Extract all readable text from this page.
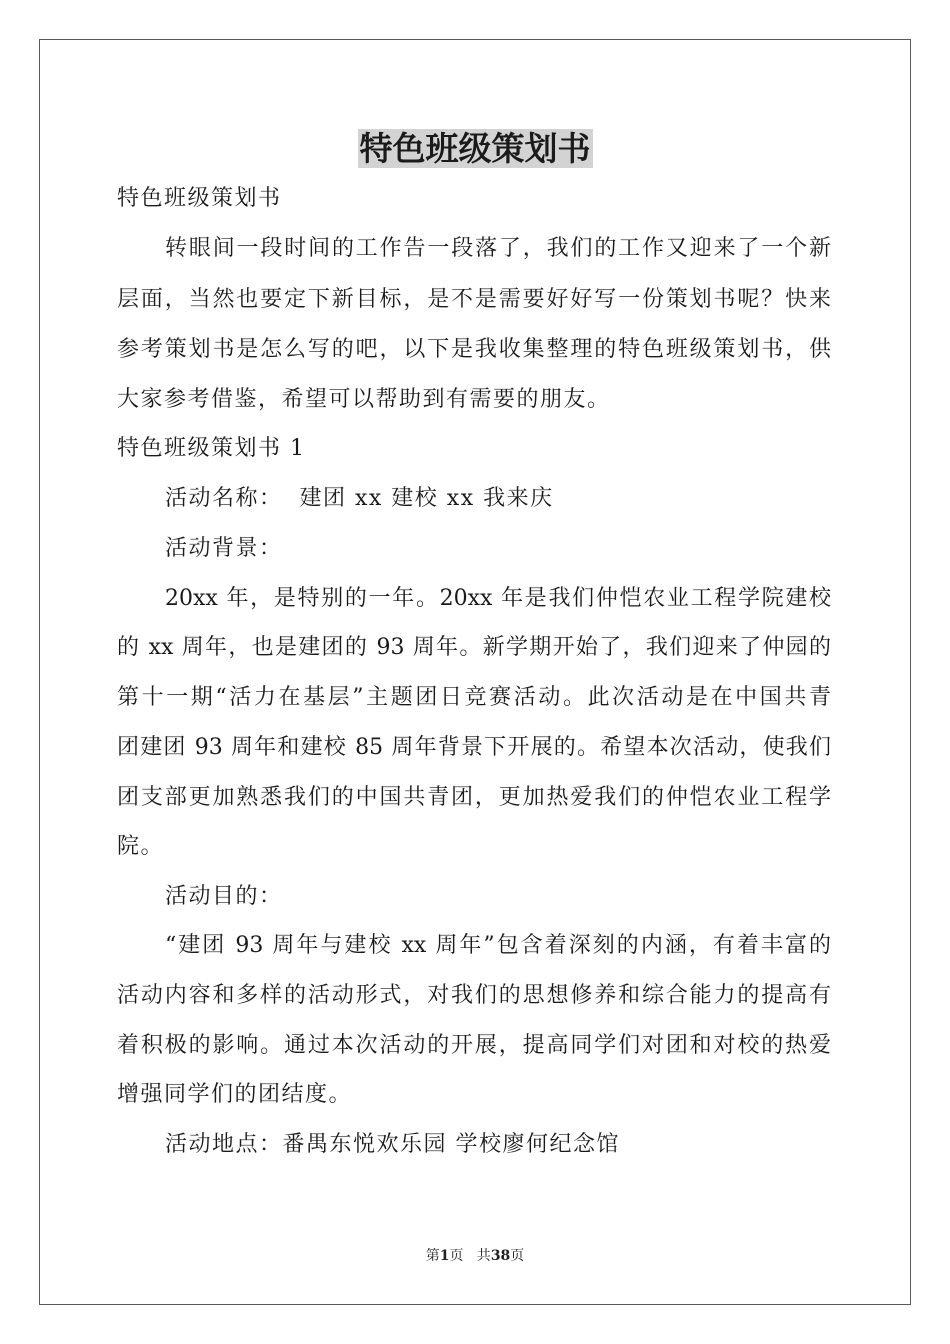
特色班级策划书
特色班级策划书
转眼间一段时间的工作告一段落了，我们的工作又迎来了一个新
层面，当然也要定下新目标，是不是需要好好写一份策划书呢？快来
参考策划书是怎么写的吧，以下是我收集整理的特色班级策划书，供
大家参考借鉴，希望可以帮助到有需要的朋友。
特色班级策划书 1
活动名称：  建团 xx 建校 xx 我来庆
活动背景：
20xx 年，是特别的一年。20xx 年是我们仲恺农业工程学院建校
的 xx 周年，也是建团的 93 周年。新学期开始了，我们迎来了仲园的
第十一期“活力在基层”主题团日竞赛活动。此次活动是在中国共青
团建团 93 周年和建校 85 周年背景下开展的。希望本次活动，使我们
团支部更加熟悉我们的中国共青团，更加热爱我们的仲恺农业工程学
院。
活动目的：
“建团 93 周年与建校 xx 周年”包含着深刻的内涵，有着丰富的
活动内容和多样的活动形式，对我们的思想修养和综合能力的提高有
着积极的影响。通过本次活动的开展，提高同学们对团和对校的热爱
增强同学们的团结度。
活动地点：番禺东悦欢乐园 学校廖何纪念馆
第1页   共38页
